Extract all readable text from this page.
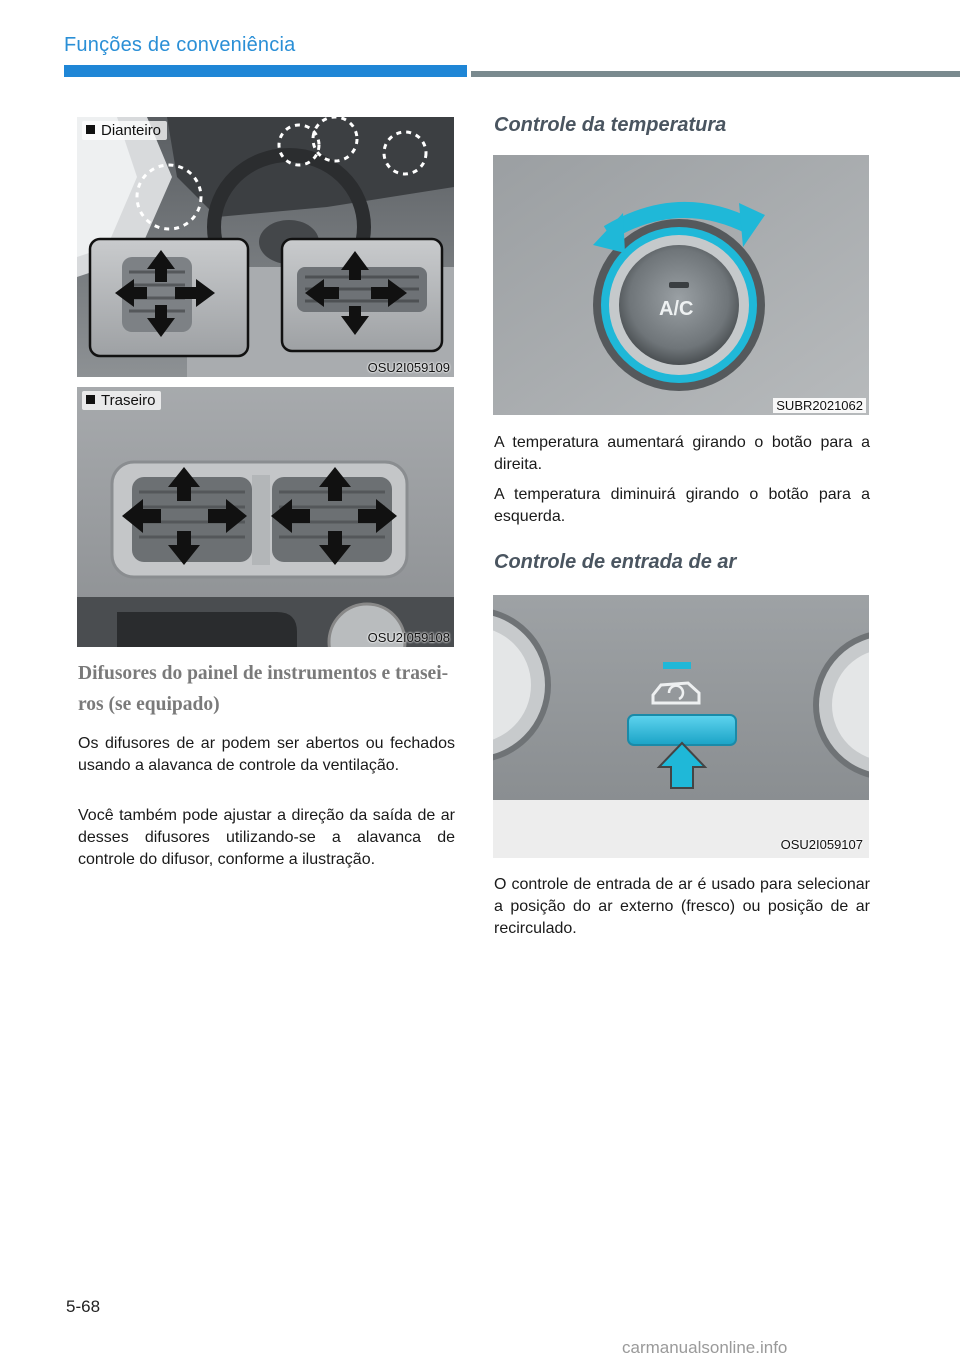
Funções de conveniência
Dianteiro
OSU2I059109
Traseiro
OSU2I059108
Difusores do painel de instrumentos e trasei-
ros (se equipado)
Os difusores de ar podem ser abertos ou fechados usando a alavanca de controle da ventilação.
Você também pode ajustar a direção da saída de ar desses difusores utilizando-se a alavanca de controle do difusor, conforme a ilustração.
Controle da temperatura
A/C
SUBR2021062
A temperatura aumentará girando o botão para a direita.
A temperatura diminuirá girando o botão para a esquerda.
Controle de entrada de ar
OSU2I059107
O controle de entrada de ar é usado para selecionar a posição do ar externo (fresco) ou posição de ar recirculado.
5-68
carmanualsonline.info
